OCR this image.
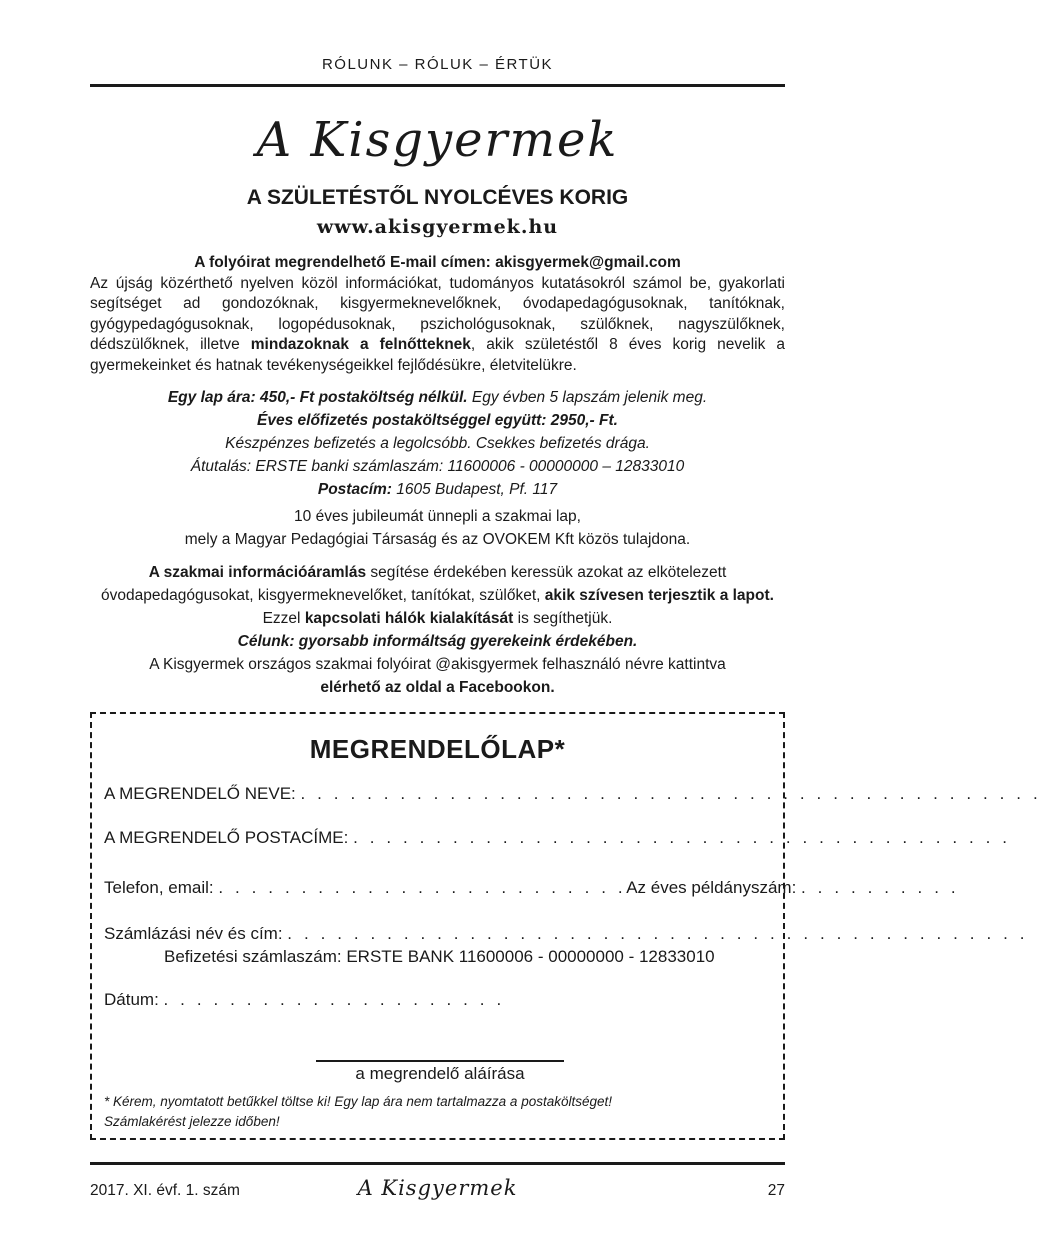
RÓLUNK – RÓLUK – ÉRTÜK
A Kisgyermek
A SZÜLETÉSTŐL NYOLCÉVES KORIG
www.akisgyermek.hu
A folyóirat megrendelhető E-mail címen: akisgyermek@gmail.com
Az újság közérthető nyelven közöl információkat, tudományos kutatásokról számol be, gyakorlati segítséget ad gondozóknak, kisgyermeknevelőknek, óvodapedagógusoknak, tanítóknak, gyógypedagógusoknak, logopédusoknak, pszichológusoknak, szülőknek, nagyszülőknek, dédszülőknek, illetve mindazoknak a felnőtteknek, akik születéstől 8 éves korig nevelik a gyermekeinket és hatnak tevékenységeikkel fejlődésükre, életvitelükre.
Egy lap ára: 450,- Ft postaköltség nélkül. Egy évben 5 lapszám jelenik meg.
Éves előfizetés postaköltséggel együtt: 2950,- Ft.
Készpénzes befizetés a legolcsóbb. Csekkes befizetés drága.
Átutalás: ERSTE banki számlaszám: 11600006 - 00000000 – 12833010
Postacím: 1605 Budapest, Pf. 117
10 éves jubileumát ünnepli a szakmai lap,
mely a Magyar Pedagógiai Társaság és az OVOKEM Kft közös tulajdona.
A szakmai információáramlás segítése érdekében keressük azokat az elkötelezett
óvodapedagógusokat, kisgyermeknevelőket, tanítókat, szülőket, akik szívesen terjesztik a lapot.
Ezzel kapcsolati hálók kialakítását is segíthetjük.
Célunk: gyorsabb informáltság gyerekeink érdekében.
A Kisgyermek országos szakmai folyóirat @akisgyermek felhasználó névre kattintva
elérhető az oldal a Facebookon.
MEGRENDELŐLAP*
A MEGRENDELŐ NEVE: . . . . . . . . . . . . . . . . . . . . . . . . . . . . . . . . . . . . . . . . . . . . .
A MEGRENDELŐ POSTACÍME: . . . . . . . . . . . . . . . . . . . . . . . . . . . . . . . . . . . . . . . .
Telefon, email: . . . . . . . . . . . . . . . . . . . . . . . . .Az éves példányszám: . . . . . . . . . .
Számlázási név és cím: . . . . . . . . . . . . . . . . . . . . . . . . . . . . . . . . . . . . . . . . . . . . .
Befizetési számlaszám: ERSTE BANK 11600006 - 00000000 - 12833010
Dátum: . . . . . . . . . . . . . . . . . . . . .
a megrendelő aláírása
* Kérem, nyomtatott betűkkel töltse ki! Egy lap ára nem tartalmazza a postaköltséget!
Számlakérést jelezze időben!
2017. XI. évf. 1. szám	A Kisgyermek	27
